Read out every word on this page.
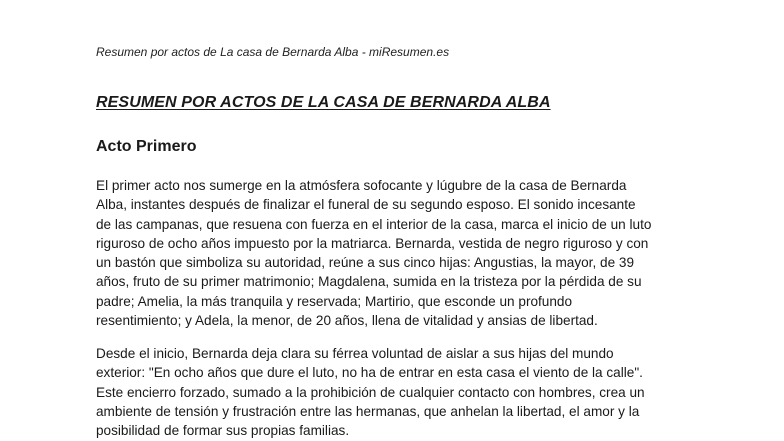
Resumen por actos de La casa de Bernarda Alba - miResumen.es
RESUMEN POR ACTOS DE LA CASA DE BERNARDA ALBA
Acto Primero

El primer acto nos sumerge en la atmósfera sofocante y lúgubre de la casa de Bernarda
Alba, instantes después de finalizar el funeral de su segundo esposo. El sonido incesante
de las campanas, que resuena con fuerza en el interior de la casa, marca el inicio de un luto
riguroso de ocho años impuesto por la matriarca. Bernarda, vestida de negro riguroso y con
un bastón que simboliza su autoridad, reúne a sus cinco hijas: Angustias, la mayor, de 39
años, fruto de su primer matrimonio; Magdalena, sumida en la tristeza por la pérdida de su
padre; Amelia, la más tranquila y reservada; Martirio, que esconde un profundo
resentimiento; y Adela, la menor, de 20 años, llena de vitalidad y ansias de libertad.

Desde el inicio, Bernarda deja clara su férrea voluntad de aislar a sus hijas del mundo
exterior: "En ocho años que dure el luto, no ha de entrar en esta casa el viento de la calle".
Este encierro forzado, sumado a la prohibición de cualquier contacto con hombres, crea un
ambiente de tensión y frustración entre las hermanas, que anhelan la libertad, el amor y la
posibilidad de formar sus propias familias.
